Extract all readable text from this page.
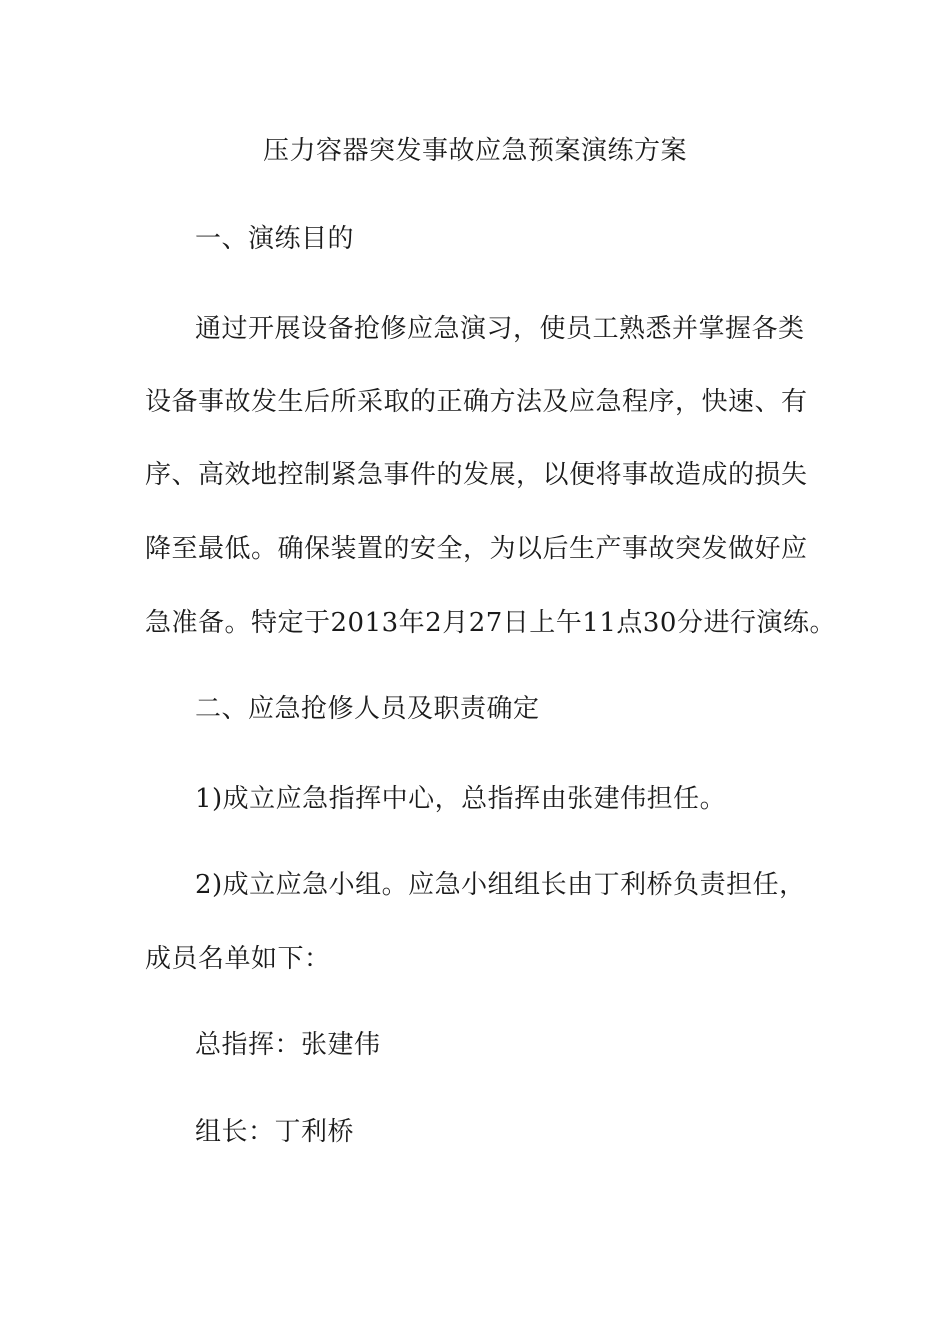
压力容器突发事故应急预案演练方案
一、演练目的
通过开展设备抢修应急演习，使员工熟悉并掌握各类
设备事故发生后所采取的正确方法及应急程序，快速、有
序、高效地控制紧急事件的发展，以便将事故造成的损失
降至最低。确保装置的安全，为以后生产事故突发做好应
急准备。特定于2013年2月27日上午11点30分进行演练。
二、应急抢修人员及职责确定
1)成立应急指挥中心，总指挥由张建伟担任。
2)成立应急小组。应急小组组长由丁利桥负责担任，
成员名单如下：
总指挥：张建伟
组长：丁利桥
